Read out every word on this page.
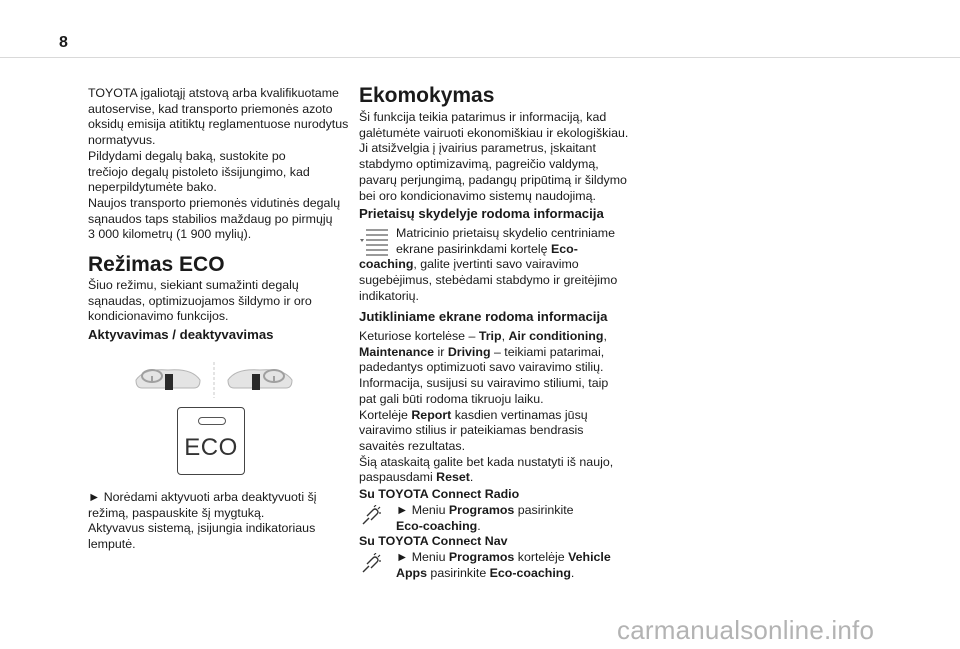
8
TOYOTA įgaliotąjį atstovą arba kvalifikuotame
autoservise, kad transporto priemonės azoto
oksidų emisija atitiktų reglamentuose nurodytus
normatyvus.
Pildydami degalų baką, sustokite po
trečiojo degalų pistoleto išsijungimo, kad
neperpildytumėte bako.
Naujos transporto priemonės vidutinės degalų
sąnaudos taps stabilios maždaug po pirmųjų
3 000 kilometrų (1 900 mylių).
Režimas ECO
Šiuo režimu, siekiant sumažinti degalų
sąnaudas, optimizuojamos šildymo ir oro
kondicionavimo funkcijos.
Aktyvavimas / deaktyvavimas
ECO
► Norėdami aktyvuoti arba deaktyvuoti šį
režimą, paspauskite šį mygtuką.
Aktyvavus sistemą, įsijungia indikatoriaus
lemputė.
Ekomokymas
Ši funkcija teikia patarimus ir informaciją, kad
galėtumėte vairuoti ekonomiškiau ir ekologiškiau.
Ji atsižvelgia į įvairius parametrus, įskaitant
stabdymo optimizavimą, pagreičio valdymą,
pavarų perjungimą, padangų pripūtimą ir šildymo
bei oro kondicionavimo sistemų naudojimą.
Prietaisų skydelyje rodoma informacija
Matricinio prietaisų skydelio centriniame
ekrane pasirinkdami kortelę Eco-
coaching, galite įvertinti savo vairavimo
sugebėjimus, stebėdami stabdymo ir greitėjimo
indikatorių.
Jutikliniame ekrane rodoma informacija
Keturiose kortelėse – Trip, Air conditioning,
Maintenance ir Driving – teikiami patarimai,
padedantys optimizuoti savo vairavimo stilių.
Informacija, susijusi su vairavimo stiliumi, taip
pat gali būti rodoma tikruoju laiku.
Kortelėje Report kasdien vertinamas jūsų
vairavimo stilius ir pateikiamas bendrasis
savaitės rezultatas.
Šią ataskaitą galite bet kada nustatyti iš naujo,
paspausdami Reset.
Su TOYOTA Connect Radio
► Meniu Programos pasirinkite
Eco-coaching.
Su TOYOTA Connect Nav
► Meniu Programos kortelėje Vehicle
Apps pasirinkite Eco-coaching.
carmanualsonline.info
